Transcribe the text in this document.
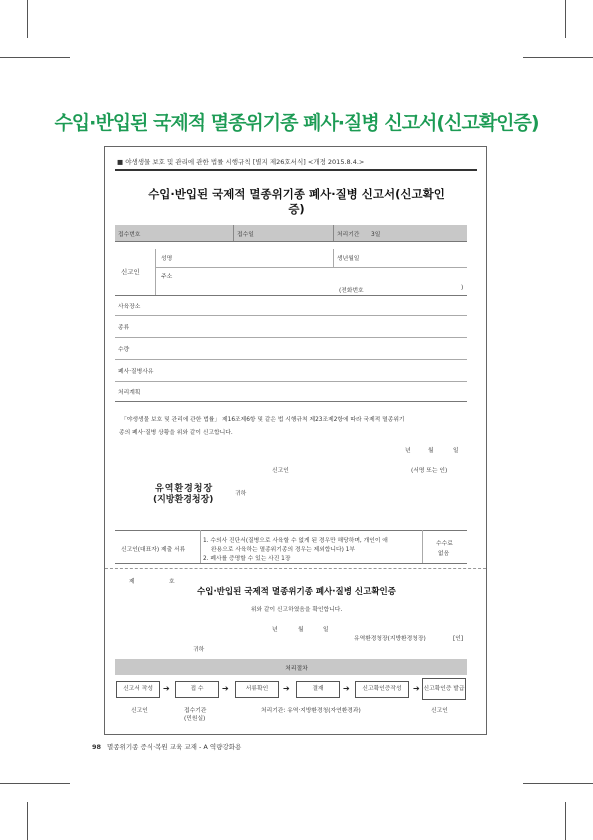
수입·반입된 국제적 멸종위기종 폐사·질병 신고서(신고확인증)
■ 야생생물 보호 및 관리에 관한 법률 시행규칙 [별지 제26호서식] <개정 2015.8.4.>
수입·반입된 국제적 멸종위기종 폐사·질병 신고서(신고확인증)
접수번호	접수일	처리기간 3일
신고인
성명	생년월일
주소
(전화번호	)
사육장소
종류
수량
폐사·질병사유
처리계획
「야생생물 보호 및 관리에 관한 법률」 제16조제6항 및 같은 법 시행규칙 제23조제2항에 따라 국제적 멸종위기
종의 폐사·질병 상황을 위와 같이 신고합니다.
년	월	일
신고인	(서명 또는 인)
유역환경청장
(지방환경청장)
귀하
신고인(대표자) 제출 서류
1. 수의사 진단서(질병으로 사육할 수 없게 된 경우만 해당하며, 개인이 애
완용으로 사육하는 멸종위기종의 경우는 제외합니다) 1부
2. 폐사를 증명할 수 있는 사진 1장
수수료
없음
제	호
수입·반입된 국제적 멸종위기종 폐사·질병 신고확인증
위와 같이 신고하였음을 확인합니다.
년	월	일
유역환경청장(지방환경청장)	[인]
귀하
처리절차
신고서 작성	➔	접 수	➔	서류확인	➔	결재	➔	신고확인증작성	➔ 신고확인증 발급
신고인	접수기관
(민원실)
처리기관: 유역·지방환경청(자연환경과)	신고인
98 멸종위기종 증식·복원 교육 교재 - A 역량강화용
